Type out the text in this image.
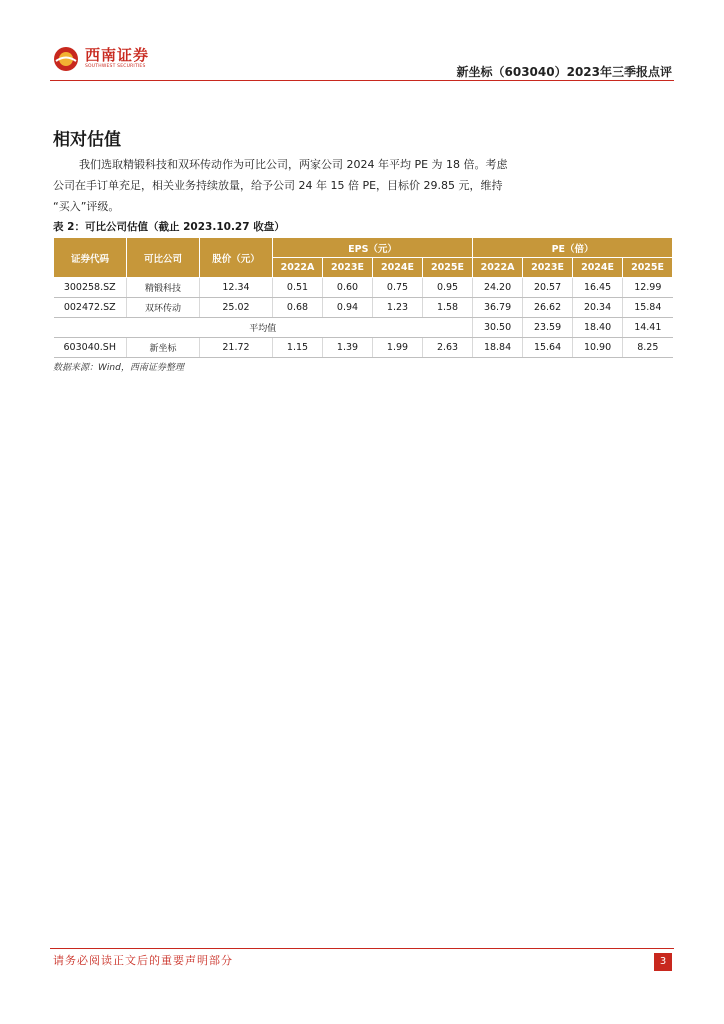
西南证券
SOUTHWEST SECURITIES	新坐标（603040）2023年三季报点评
相对估值
我们选取精锻科技和双环传动作为可比公司，两家公司 2024 年平均 PE 为 18 倍。考虑
公司在手订单充足，相关业务持续放量，给予公司 24 年 15 倍 PE，目标价 29.85 元，维持
“买入”评级。
表 2：可比公司估值（截止 2023.10.27 收盘）
证券代码	可比公司	股价（元）	EPS（元）				PE（倍）			
			2022A	2023E	2024E	2025E	2022A	2023E	2024E	2025E
300258.SZ	精锻科技	12.34	0.51	0.60	0.75	0.95	24.20	20.57	16.45	12.99
002472.SZ	双环传动	25.02	0.68	0.94	1.23	1.58	36.79	26.62	20.34	15.84
平均值							30.50	23.59	18.40	14.41
603040.SH	新坐标	21.72	1.15	1.39	1.99	2.63	18.84	15.64	10.90	8.25
数据来源：Wind，西南证券整理
请务必阅读正文后的重要声明部分	3
